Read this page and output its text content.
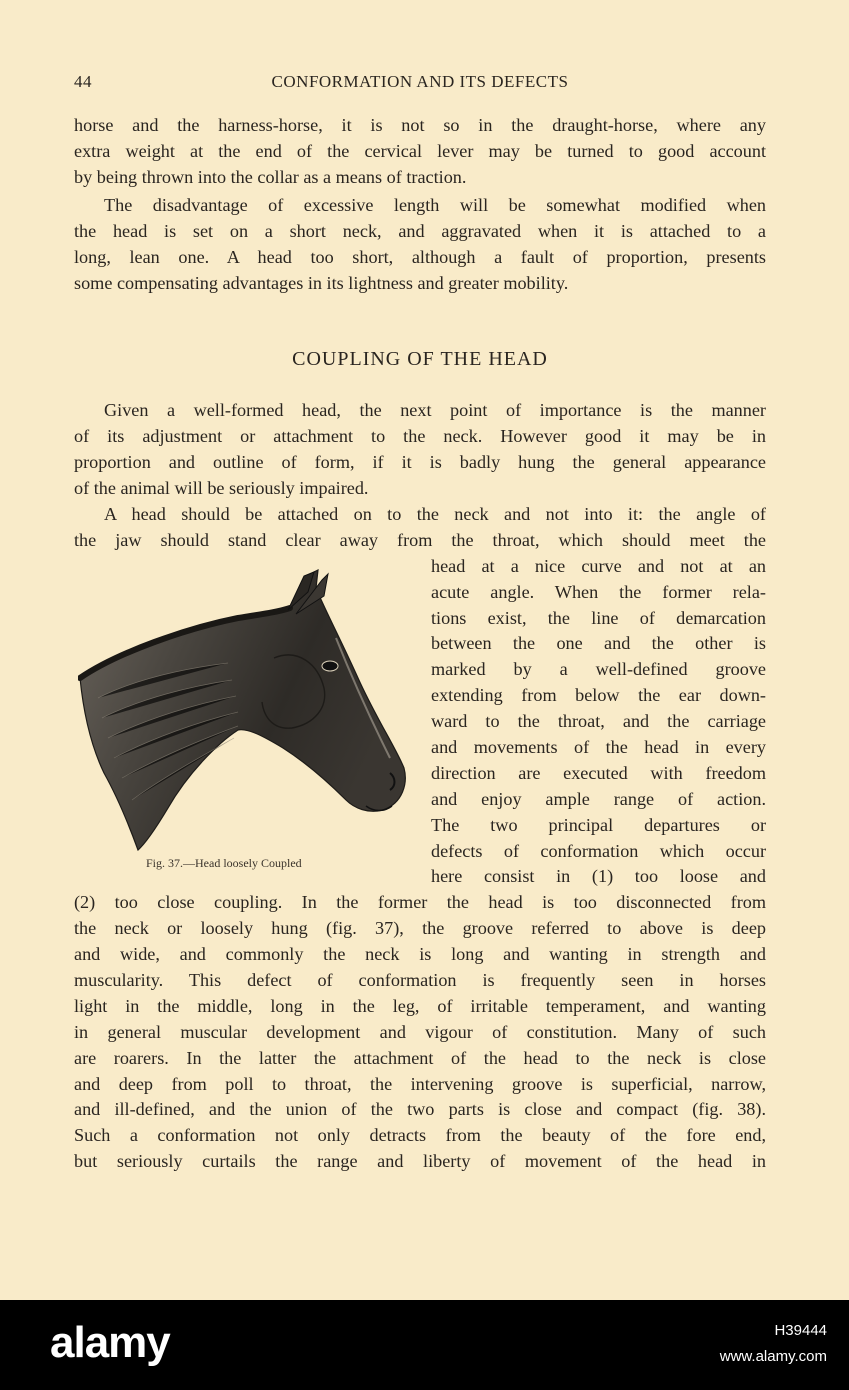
44	CONFORMATION AND ITS DEFECTS
horse and the harness-horse, it is not so in the draught-horse, where any
extra weight at the end of the cervical lever may be turned to good account
by being thrown into the collar as a means of traction.
The disadvantage of excessive length will be somewhat modified when
the head is set on a short neck, and aggravated when it is attached to a
long, lean one. A head too short, although a fault of proportion, presents
some compensating advantages in its lightness and greater mobility.
COUPLING OF THE HEAD
Given a well-formed head, the next point of importance is the manner
of its adjustment or attachment to the neck. However good it may be in
proportion and outline of form, if it is badly hung the general appearance
of the animal will be seriously impaired.
A head should be attached on to the neck and not into it: the angle of
the jaw should stand clear away from the throat, which should meet the
head at a nice curve and not at an
acute angle. When the former rela-
tions exist, the line of demarcation
between the one and the other is
marked by a well-defined groove
extending from below the ear down-
ward to the throat, and the carriage
and movements of the head in every
direction are executed with freedom
and enjoy ample range of action.
The two principal departures or
defects of conformation which occur
here consist in (1) too loose and
(2) too close coupling. In the former the head is too disconnected from
the neck or loosely hung (fig. 37), the groove referred to above is deep
and wide, and commonly the neck is long and wanting in strength and
muscularity. This defect of conformation is frequently seen in horses
light in the middle, long in the leg, of irritable temperament, and wanting
in general muscular development and vigour of constitution. Many of such
are roarers. In the latter the attachment of the head to the neck is close
and deep from poll to throat, the intervening groove is superficial, narrow,
and ill-defined, and the union of the two parts is close and compact (fig. 38).
Such a conformation not only detracts from the beauty of the fore end,
but seriously curtails the range and liberty of movement of the head in
Fig. 37.—Head loosely Coupled
alamy	H39444
www.alamy.com
